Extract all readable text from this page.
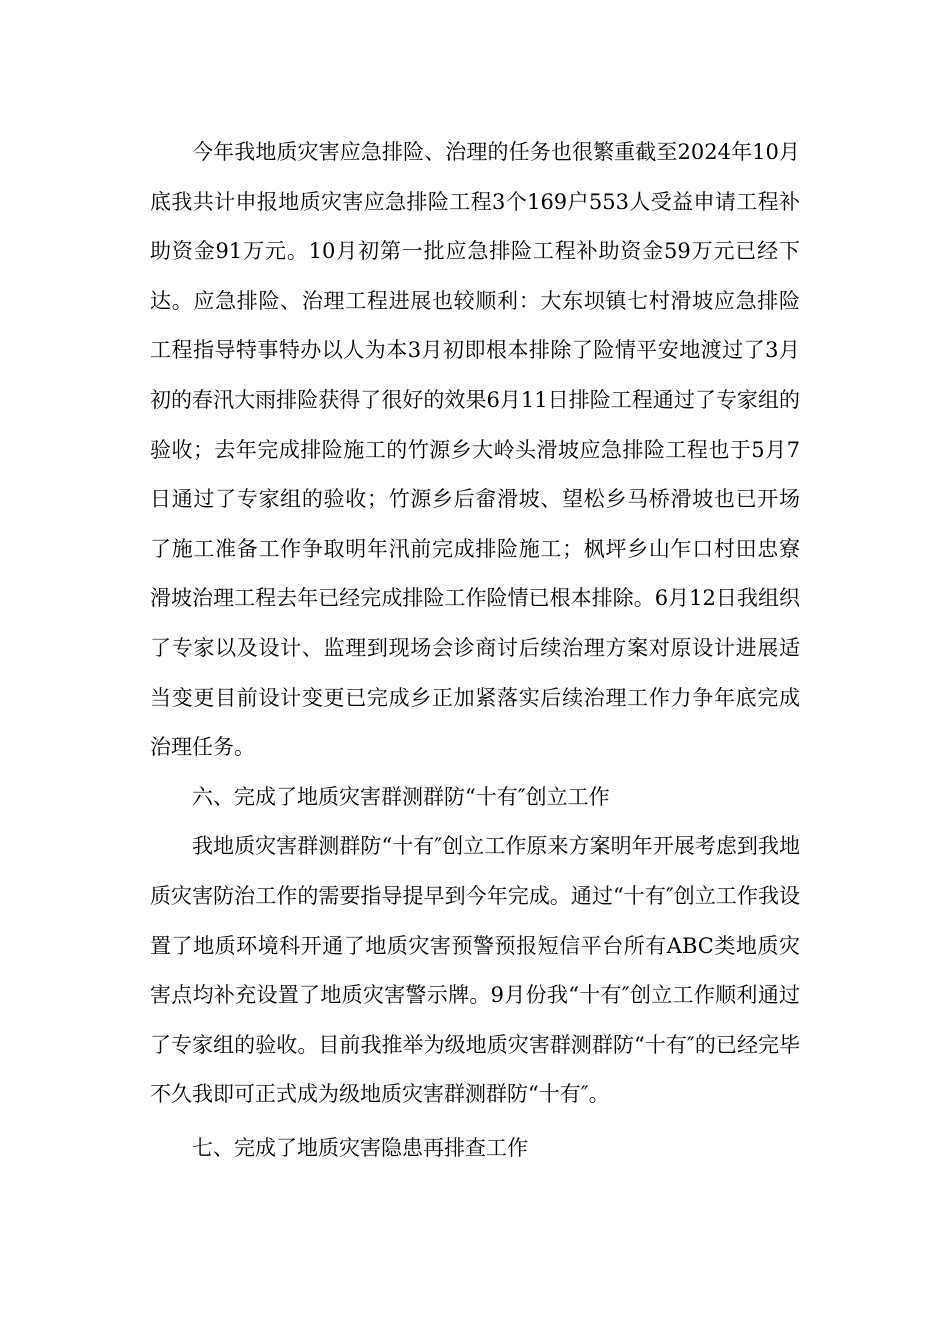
今年我地质灾害应急排险、治理的任务也很繁重截至2024年10月底我共计申报地质灾害应急排险工程3个169户553人受益申请工程补助资金91万元。10月初第一批应急排险工程补助资金59万元已经下达。应急排险、治理工程进展也较顺利：大东坝镇七村滑坡应急排险工程指导特事特办以人为本3月初即根本排除了险情平安地渡过了3月初的春汛大雨排险获得了很好的效果6月11日排险工程通过了专家组的验收；去年完成排险施工的竹源乡大岭头滑坡应急排险工程也于5月7日通过了专家组的验收；竹源乡后畲滑坡、望松乡马桥滑坡也已开场了施工准备工作争取明年汛前完成排险施工；枫坪乡山乍口村田忠寮滑坡治理工程去年已经完成排险工作险情已根本排除。6月12日我组织了专家以及设计、监理到现场会诊商讨后续治理方案对原设计进展适当变更目前设计变更已完成乡正加紧落实后续治理工作力争年底完成治理任务。

六、完成了地质灾害群测群防“十有″创立工作

我地质灾害群测群防“十有″创立工作原来方案明年开展考虑到我地质灾害防治工作的需要指导提早到今年完成。通过“十有″创立工作我设置了地质环境科开通了地质灾害预警预报短信平台所有ABC类地质灾害点均补充设置了地质灾害警示牌。9月份我“十有″创立工作顺利通过了专家组的验收。目前我推举为级地质灾害群测群防“十有″的已经完毕不久我即可正式成为级地质灾害群测群防“十有″。

七、完成了地质灾害隐患再排查工作
